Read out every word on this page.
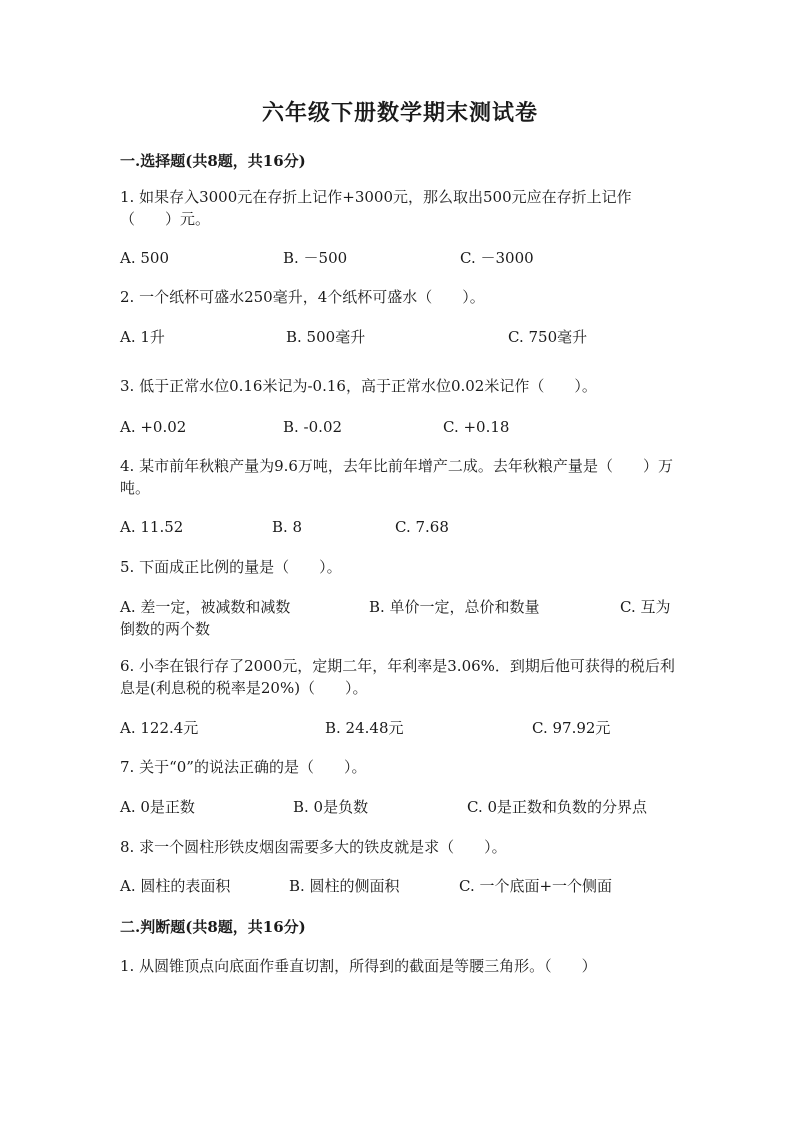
六年级下册数学期末测试卷
一.选择题(共8题，共16分)
1. 如果存入3000元在存折上记作+3000元，那么取出500元应在存折上记作（　　）元。
A. 500	B. －500	C. －3000
2. 一个纸杯可盛水250毫升，4个纸杯可盛水（　　）。
A. 1升	B. 500毫升	C. 750毫升
3. 低于正常水位0.16米记为-0.16，高于正常水位0.02米记作（　　）。
A. +0.02	B. -0.02	C. +0.18
4. 某市前年秋粮产量为9.6万吨，去年比前年增产二成。去年秋粮产量是（　　）万吨。
A. 11.52	B. 8	C. 7.68
5. 下面成正比例的量是（　　）。
A. 差一定，被减数和减数	B. 单价一定，总价和数量	C. 互为倒数的两个数
6. 小李在银行存了2000元，定期二年，年利率是3.06%．到期后他可获得的税后利息是(利息税的税率是20%)（　　）。
A. 122.4元	B. 24.48元	C. 97.92元
7. 关于“0”的说法正确的是（　　）。
A. 0是正数	B. 0是负数	C. 0是正数和负数的分界点
8. 求一个圆柱形铁皮烟囱需要多大的铁皮就是求（　　）。
A. 圆柱的表面积	B. 圆柱的侧面积	C. 一个底面+一个侧面
二.判断题(共8题，共16分)
1. 从圆锥顶点向底面作垂直切割，所得到的截面是等腰三角形。（　　）
